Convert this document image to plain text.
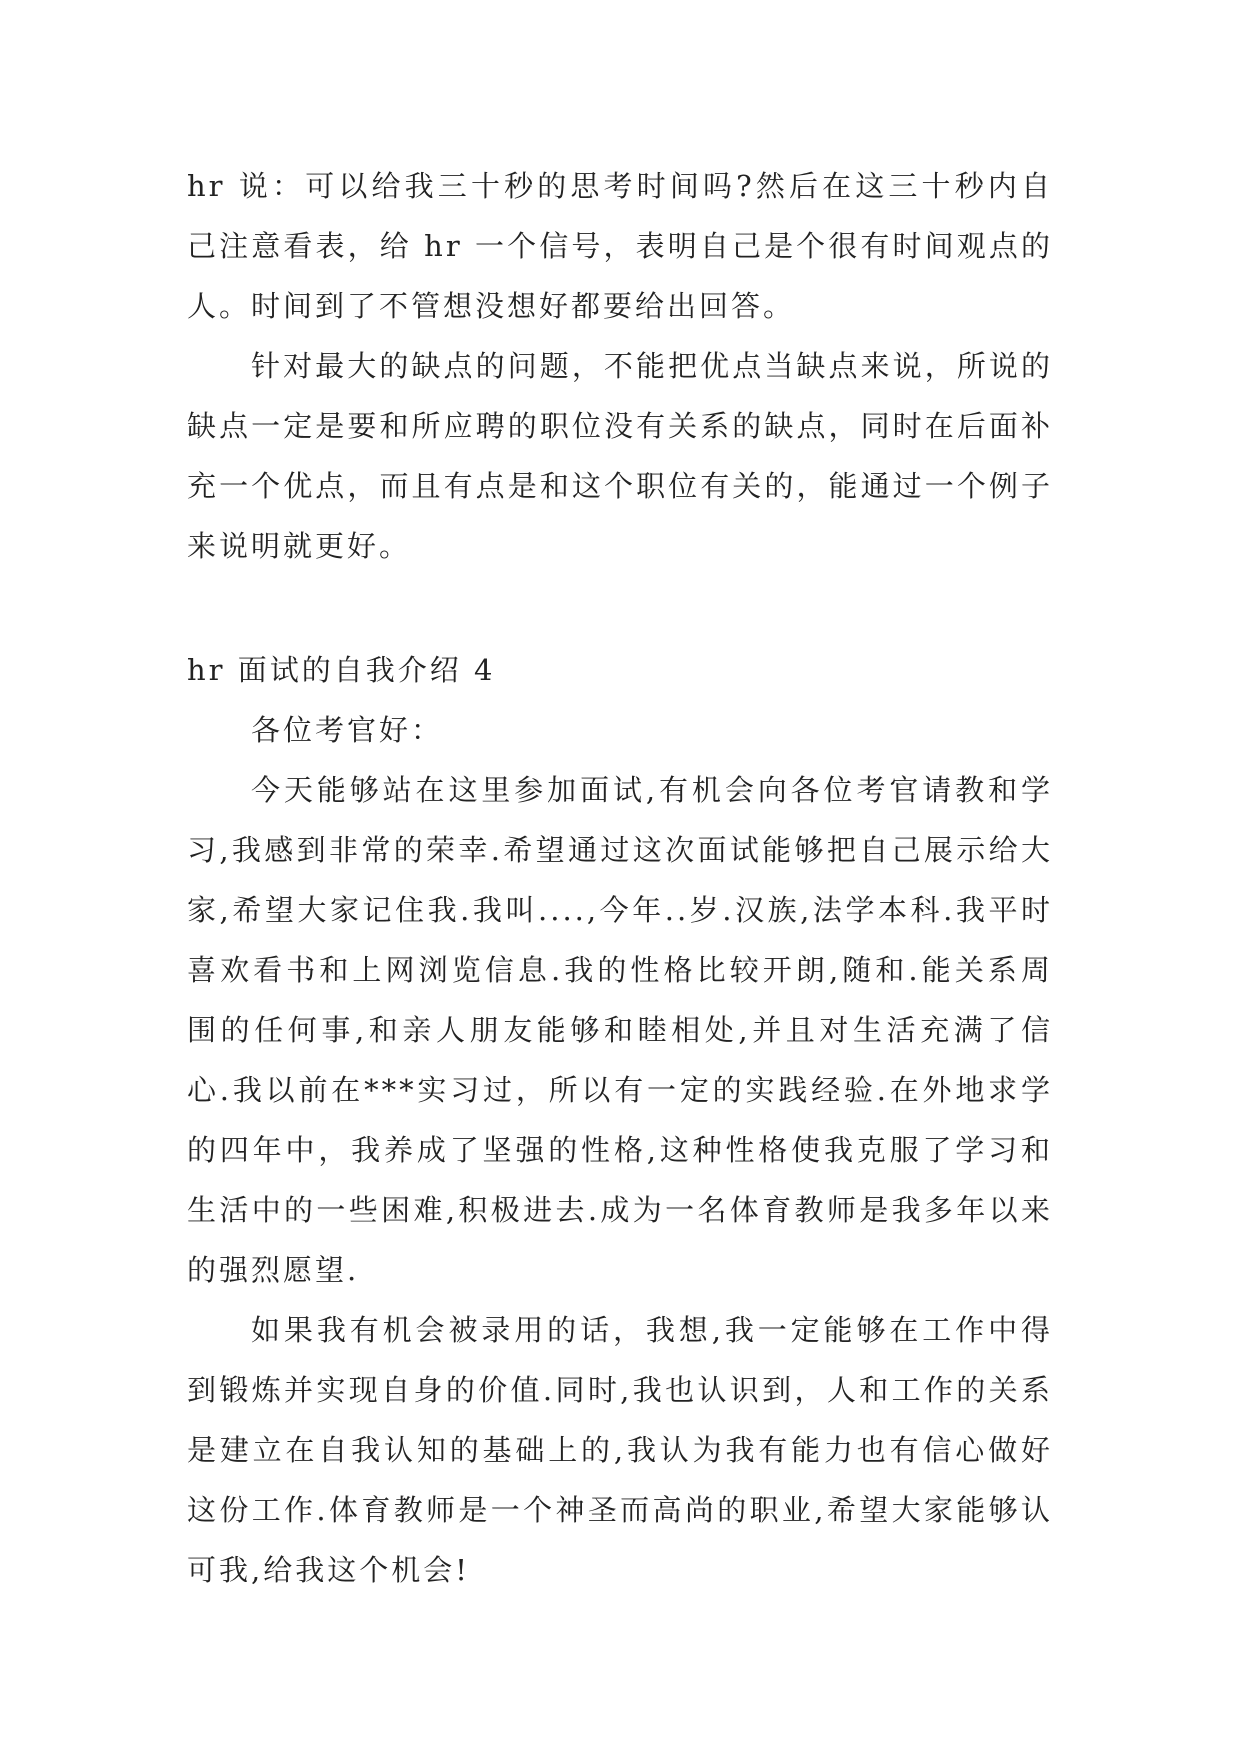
hr 说：可以给我三十秒的思考时间吗?然后在这三十秒内自己注意看表，给 hr 一个信号，表明自己是个很有时间观点的人。时间到了不管想没想好都要给出回答。

针对最大的缺点的问题，不能把优点当缺点来说，所说的缺点一定是要和所应聘的职位没有关系的缺点，同时在后面补充一个优点，而且有点是和这个职位有关的，能通过一个例子来说明就更好。

hr 面试的自我介绍 4

各位考官好：

今天能够站在这里参加面试,有机会向各位考官请教和学习,我感到非常的荣幸.希望通过这次面试能够把自己展示给大家,希望大家记住我.我叫....,今年..岁.汉族,法学本科.我平时喜欢看书和上网浏览信息.我的性格比较开朗,随和.能关系周围的任何事,和亲人朋友能够和睦相处,并且对生活充满了信心.我以前在***实习过，所以有一定的实践经验.在外地求学的四年中，我养成了坚强的性格,这种性格使我克服了学习和生活中的一些困难,积极进去.成为一名体育教师是我多年以来的强烈愿望.

如果我有机会被录用的话，我想,我一定能够在工作中得到锻炼并实现自身的价值.同时,我也认识到，人和工作的关系是建立在自我认知的基础上的,我认为我有能力也有信心做好这份工作.体育教师是一个神圣而高尚的职业,希望大家能够认可我,给我这个机会!
